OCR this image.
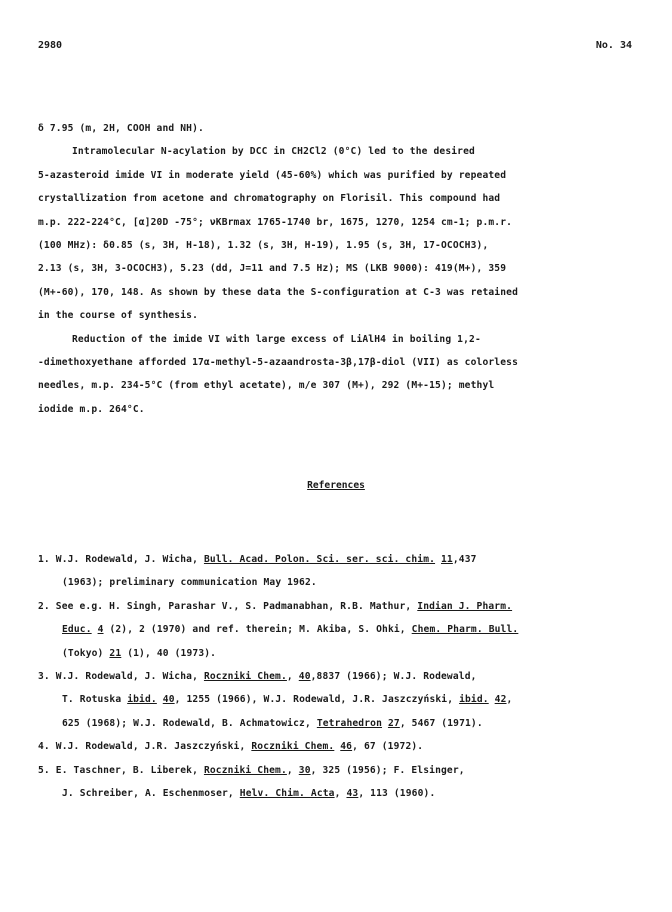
2980	No. 34
δ 7.95 (m, 2H, COOH and NH).
Intramolecular N-acylation by DCC in CH2Cl2 (0°C) led to the desired
5-azasteroid imide VI in moderate yield (45-60%) which was purified by repeated
crystallization from acetone and chromatography on Florisil. This compound had
m.p. 222-224°C, [α]20D -75°; νKBrmax 1765-1740 br, 1675, 1270, 1254 cm-1; p.m.r.
(100 MHz): δ0.85 (s, 3H, H-18), 1.32 (s, 3H, H-19), 1.95 (s, 3H, 17-OCOCH3),
2.13 (s, 3H, 3-OCOCH3), 5.23 (dd, J=11 and 7.5 Hz); MS (LKB 9000): 419(M+), 359
(M+-60), 170, 148. As shown by these data the S-configuration at C-3 was retained
in the course of synthesis.
Reduction of the imide VI with large excess of LiAlH4 in boiling 1,2-
-dimethoxyethane afforded 17α-methyl-5-azaandrosta-3β,17β-diol (VII) as colorless
needles, m.p. 234-5°C (from ethyl acetate), m/e 307 (M+), 292 (M+-15); methyl
iodide m.p. 264°C.
References
1. W.J. Rodewald, J. Wicha, Bull. Acad. Polon. Sci. ser. sci. chim. 11,437
(1963); preliminary communication May 1962.
2. See e.g. H. Singh, Parashar V., S. Padmanabhan, R.B. Mathur, Indian J. Pharm.
Educ. 4 (2), 2 (1970) and ref. therein; M. Akiba, S. Ohki, Chem. Pharm. Bull.
(Tokyo) 21 (1), 40 (1973).
3. W.J. Rodewald, J. Wicha, Roczniki Chem., 40,8837 (1966); W.J. Rodewald,
T. Rotuska ibid. 40, 1255 (1966), W.J. Rodewald, J.R. Jaszczyński, ibid. 42,
625 (1968); W.J. Rodewald, B. Achmatowicz, Tetrahedron 27, 5467 (1971).
4. W.J. Rodewald, J.R. Jaszczyński, Roczniki Chem. 46, 67 (1972).
5. E. Taschner, B. Liberek, Roczniki Chem., 30, 325 (1956); F. Elsinger,
J. Schreiber, A. Eschenmoser, Helv. Chim. Acta, 43, 113 (1960).
